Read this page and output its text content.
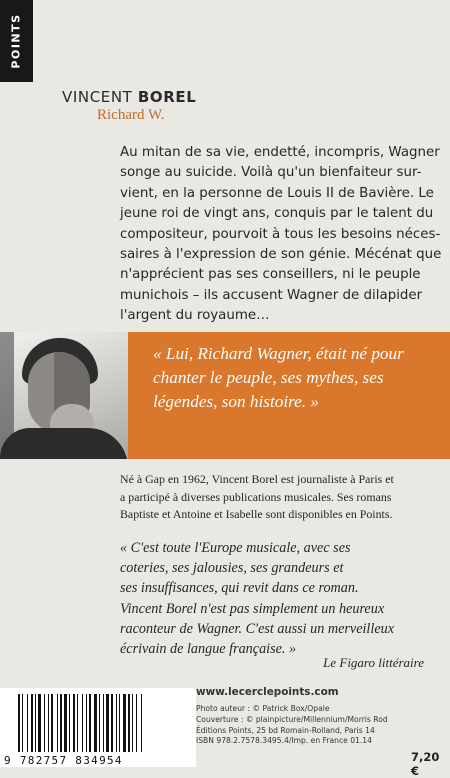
POINTS
VINCENT BOREL
Richard W.
Au mitan de sa vie, endetté, incompris, Wagner
songe au suicide. Voilà qu'un bienfaiteur sur-
vient, en la personne de Louis II de Bavière. Le
jeune roi de vingt ans, conquis par le talent du
compositeur, pourvoit à tous les besoins néces-
saires à l'expression de son génie. Mécénat que
n'apprécient pas ses conseillers, ni le peuple
munichois – ils accusent Wagner de dilapider
l'argent du royaume…
« Lui, Richard Wagner, était né pour
chanter le peuple, ses mythes, ses
légendes, son histoire. »
Né à Gap en 1962, Vincent Borel est journaliste à Paris et
a participé à diverses publications musicales. Ses romans
Baptiste et Antoine et Isabelle sont disponibles en Points.
« C'est toute l'Europe musicale, avec ses
coteries, ses jalousies, ses grandeurs et
ses insuffisances, qui revit dans ce roman.
Vincent Borel n'est pas simplement un heureux
raconteur de Wagner. C'est aussi un merveilleux
écrivain de langue française. »
Le Figaro littéraire
9 782757 834954
www.lecerclepoints.com
Photo auteur : © Patrick Box/Opale
Couverture : © plainpicture/Millennium/Morris Rod
Éditions Points, 25 bd Romain-Rolland, Paris 14
ISBN 978.2.7578.3495.4/Imp. en France 01.14
7,20 €
